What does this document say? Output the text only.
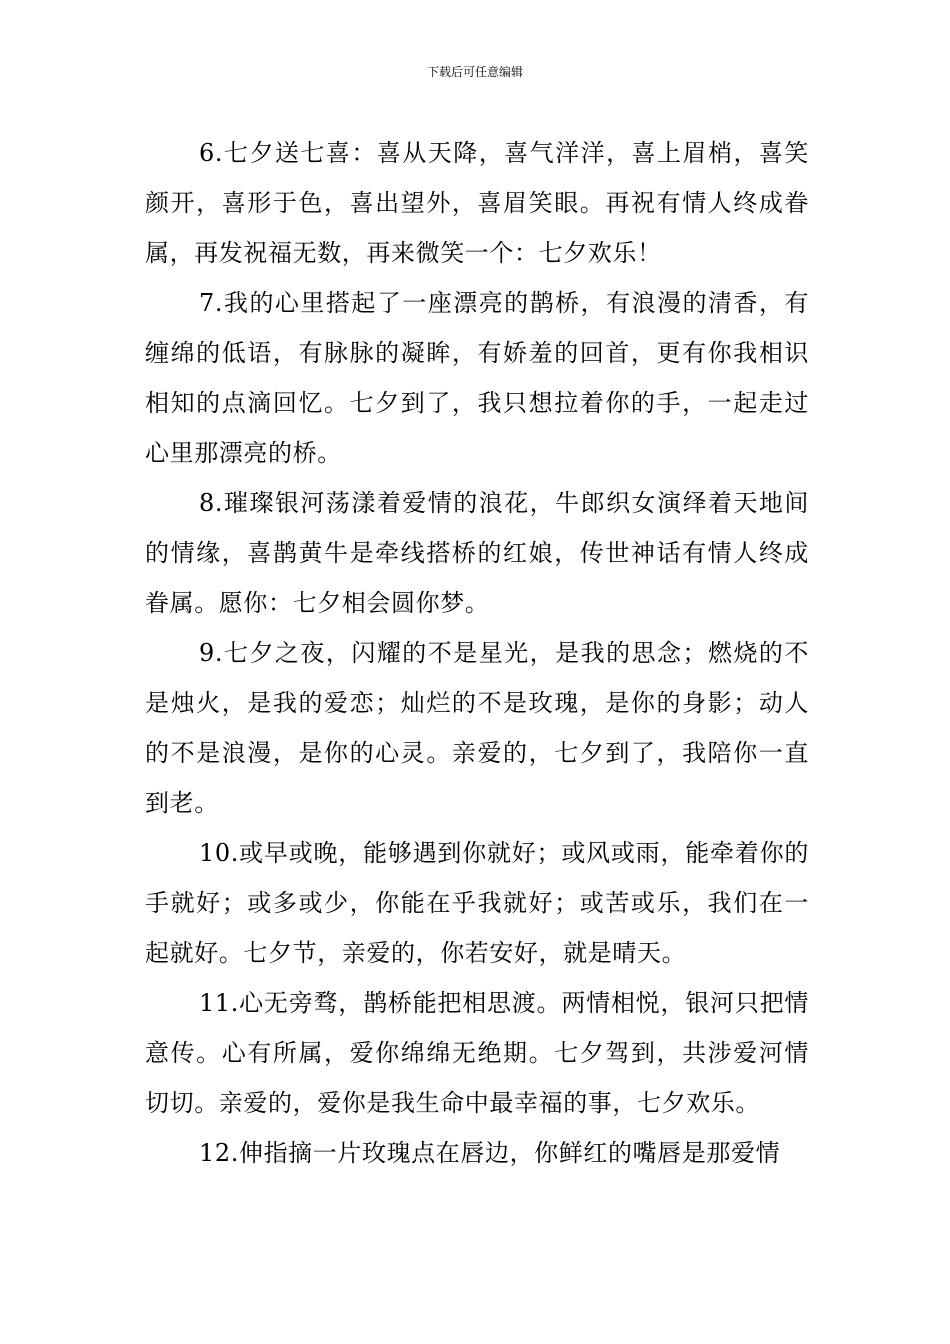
下载后可任意编辑

6.七夕送七喜：喜从天降，喜气洋洋，喜上眉梢，喜笑颜开，喜形于色，喜出望外，喜眉笑眼。再祝有情人终成眷属，再发祝福无数，再来微笑一个：七夕欢乐！

7.我的心里搭起了一座漂亮的鹊桥，有浪漫的清香，有缠绵的低语，有脉脉的凝眸，有娇羞的回首，更有你我相识相知的点滴回忆。七夕到了，我只想拉着你的手，一起走过心里那漂亮的桥。

8.璀璨银河荡漾着爱情的浪花，牛郎织女演绎着天地间的情缘，喜鹊黄牛是牵线搭桥的红娘，传世神话有情人终成眷属。愿你：七夕相会圆你梦。

9.七夕之夜，闪耀的不是星光，是我的思念；燃烧的不是烛火，是我的爱恋；灿烂的不是玫瑰，是你的身影；动人的不是浪漫，是你的心灵。亲爱的，七夕到了，我陪你一直到老。

10.或早或晚，能够遇到你就好；或风或雨，能牵着你的手就好；或多或少，你能在乎我就好；或苦或乐，我们在一起就好。七夕节，亲爱的，你若安好，就是晴天。

11.心无旁骛，鹊桥能把相思渡。两情相悦，银河只把情意传。心有所属，爱你绵绵无绝期。七夕驾到，共涉爱河情切切。亲爱的，爱你是我生命中最幸福的事，七夕欢乐。

12.伸指摘一片玫瑰点在唇边，你鲜红的嘴唇是那爱情
